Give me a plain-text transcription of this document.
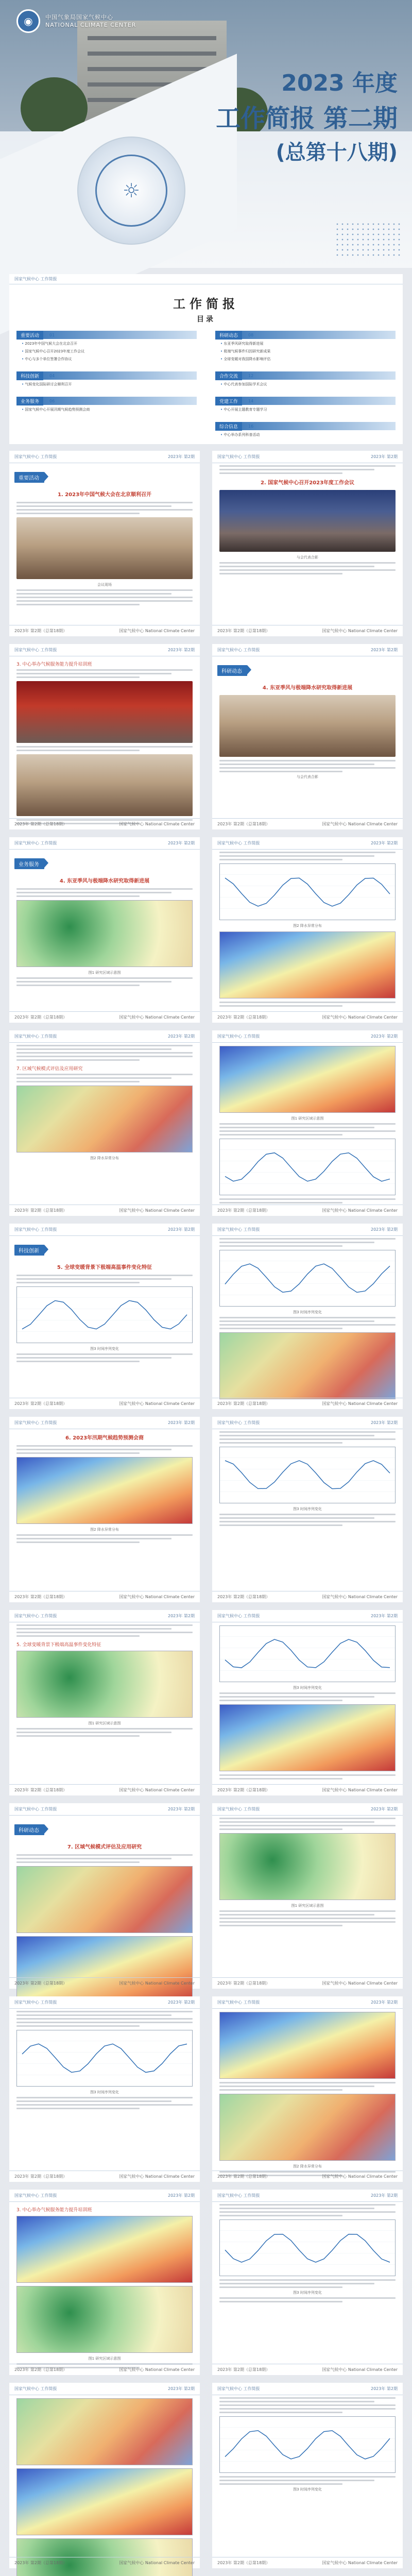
◉	中国气象局国家气候中心
NATIONAL CLIMATE CENTER
☼
2023 年度
工作简报 第二期
(总第十八期)
国家气候中心 工作简报
工作简报
目录
重要活动	01
• 2023年中国气候大会在北京召开
• 国家气候中心召开2023年度工作会议
• 中心与多个单位签署合作协议
科技创新	04
• 气候变化国际研讨会顺利召开
业务服务	06
• 国家气候中心开展汛期气候趋势预测会商
科研动态	08
• 东亚季风研究取得新进展
• 极端气候事件归因研究新成果
• 全球变暖对我国降水影响评估
合作交流	12
• 中心代表参加国际学术会议
党建工作	14
• 中心开展主题教育专题学习
综合信息	16
• 中心举办系列科普活动
国家气候中心 工作简报	2023年 第2期
重要活动
1. 2023年中国气候大会在北京顺利召开
会议现场
2023年 第2期（总第18期）	国家气候中心 National Climate Center
国家气候中心 工作简报	2023年 第2期
2. 国家气候中心召开2023年度工作会议
与会代表合影
2023年 第2期（总第18期）	国家气候中心 National Climate Center
国家气候中心 工作简报	2023年 第2期
3. 中心举办气候服务能力提升培训班
2023年 第2期（总第18期）	国家气候中心 National Climate Center
国家气候中心 工作简报	2023年 第2期
科研动态
4. 东亚季风与极端降水研究取得新进展
与会代表合影
2023年 第2期（总第18期）	国家气候中心 National Climate Center
国家气候中心 工作简报	2023年 第2期
业务服务
4. 东亚季风与极端降水研究取得新进展
图1 研究区域示意图
2023年 第2期（总第18期）	国家气候中心 National Climate Center
国家气候中心 工作简报	2023年 第2期
图2 降水异常分布
2023年 第2期（总第18期）	国家气候中心 National Climate Center
国家气候中心 工作简报	2023年 第2期
7. 区域气候模式评估及应用研究
图2 降水异常分布
2023年 第2期（总第18期）	国家气候中心 National Climate Center
国家气候中心 工作简报	2023年 第2期
图1 研究区域示意图
2023年 第2期（总第18期）	国家气候中心 National Climate Center
国家气候中心 工作简报	2023年 第2期
科技创新
5. 全球变暖背景下极端高温事件变化特征
图3 时间序列变化
2023年 第2期（总第18期）	国家气候中心 National Climate Center
国家气候中心 工作简报	2023年 第2期
图3 时间序列变化
2023年 第2期（总第18期）	国家气候中心 National Climate Center
国家气候中心 工作简报	2023年 第2期
6. 2023年汛期气候趋势预测会商
图2 降水异常分布
2023年 第2期（总第18期）	国家气候中心 National Climate Center
国家气候中心 工作简报	2023年 第2期
图3 时间序列变化
2023年 第2期（总第18期）	国家气候中心 National Climate Center
国家气候中心 工作简报	2023年 第2期
5. 全球变暖背景下极端高温事件变化特征
图1 研究区域示意图
2023年 第2期（总第18期）	国家气候中心 National Climate Center
国家气候中心 工作简报	2023年 第2期
图3 时间序列变化
2023年 第2期（总第18期）	国家气候中心 National Climate Center
国家气候中心 工作简报	2023年 第2期
科研动态
7. 区域气候模式评估及应用研究
2023年 第2期（总第18期）	国家气候中心 National Climate Center
国家气候中心 工作简报	2023年 第2期
图1 研究区域示意图
2023年 第2期（总第18期）	国家气候中心 National Climate Center
国家气候中心 工作简报	2023年 第2期
图3 时间序列变化
2023年 第2期（总第18期）	国家气候中心 National Climate Center
国家气候中心 工作简报	2023年 第2期
图2 降水异常分布
2023年 第2期（总第18期）	国家气候中心 National Climate Center
国家气候中心 工作简报	2023年 第2期
3. 中心举办气候服务能力提升培训班
图1 研究区域示意图
2023年 第2期（总第18期）	国家气候中心 National Climate Center
国家气候中心 工作简报	2023年 第2期
图3 时间序列变化
2023年 第2期（总第18期）	国家气候中心 National Climate Center
国家气候中心 工作简报	2023年 第2期
2023年 第2期（总第18期）	国家气候中心 National Climate Center
国家气候中心 工作简报	2023年 第2期
图3 时间序列变化
2023年 第2期（总第18期）	国家气候中心 National Climate Center
